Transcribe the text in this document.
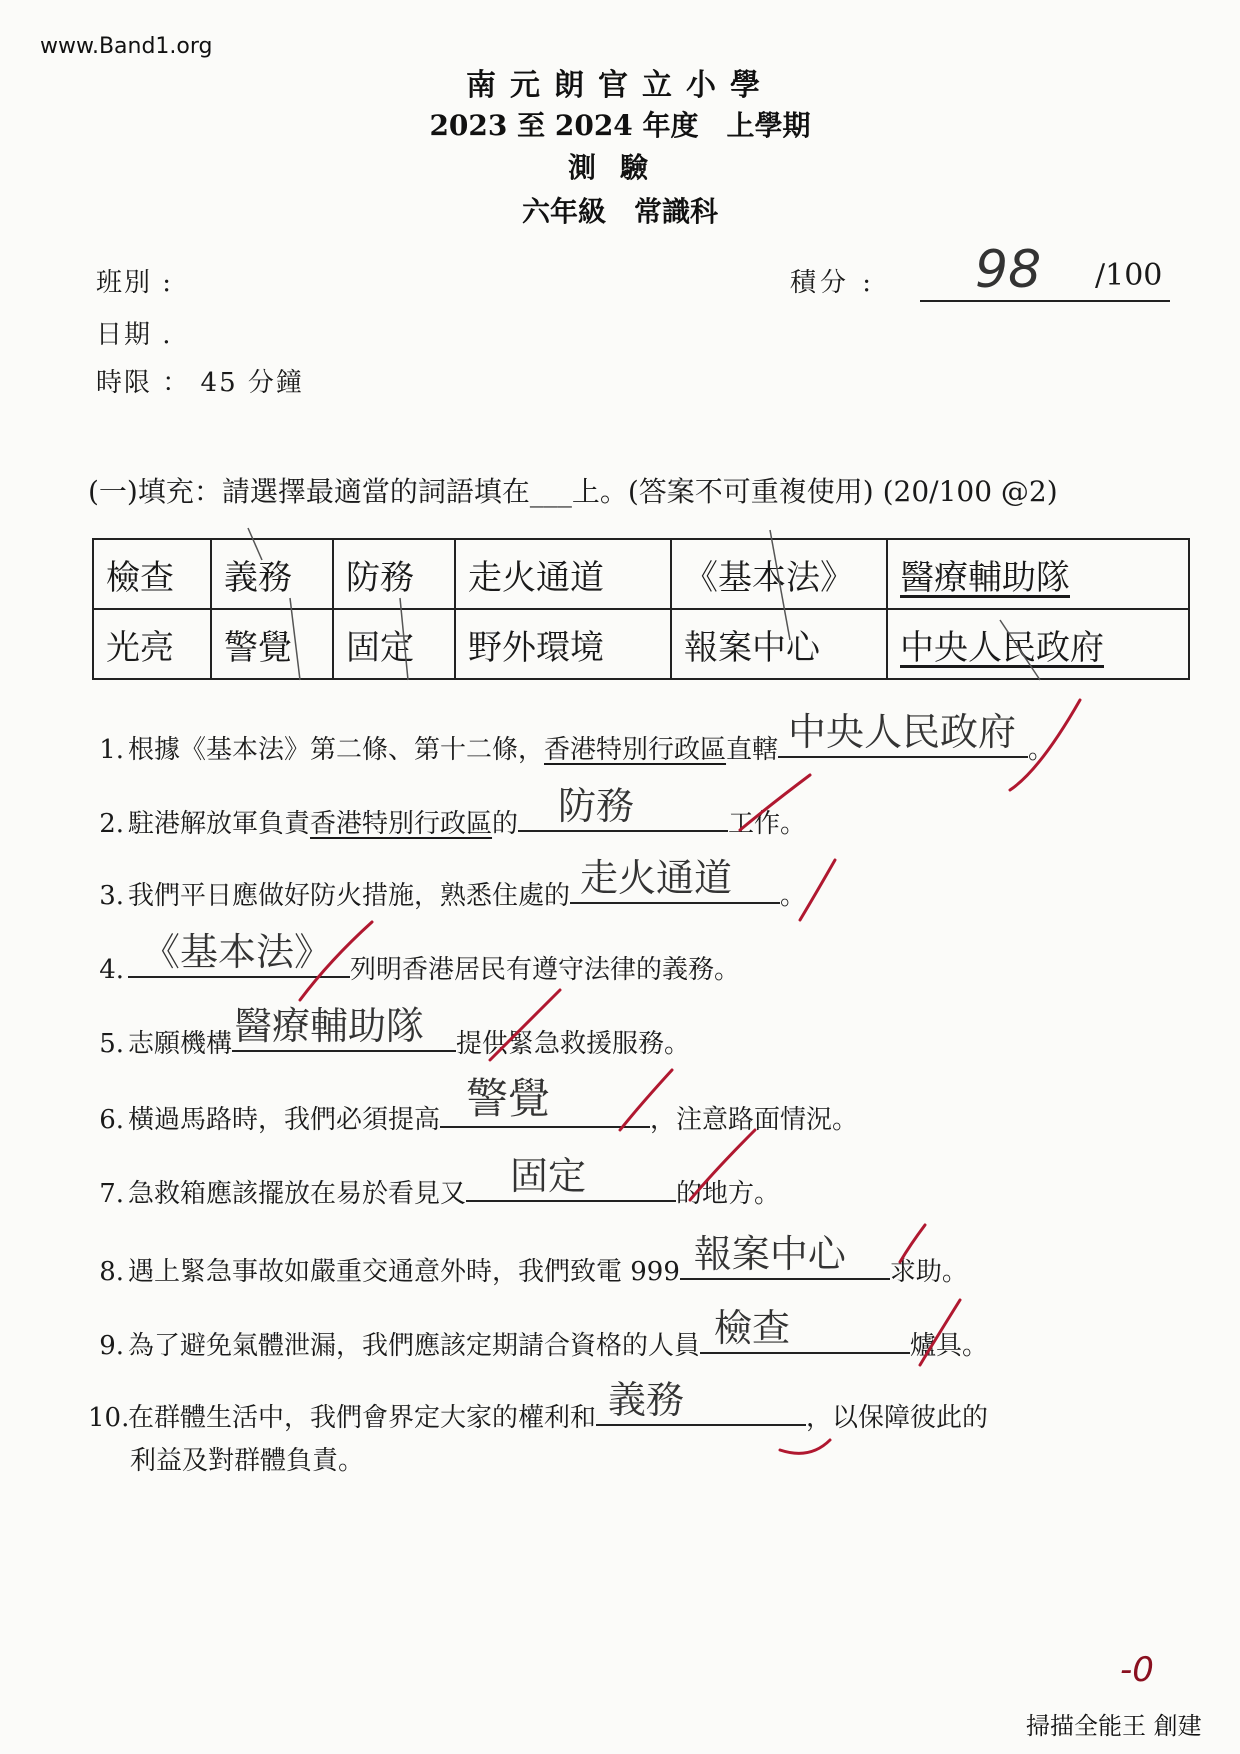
www.Band1.org
南元朗官立小學
2023 至 2024 年度　上學期
測驗
六年級　常識科
班別 :
日期 .
時限 ： 45 分鐘
積分 : 98 /100
(一)填充：請選擇最適當的詞語填在___上。(答案不可重複使用) (20/100 @2)
檢查	義務	防務	走火通道	《基本法》	醫療輔助隊
光亮	警覺	固定	野外環境	報案中心	中央人民政府
1. 根據《基本法》第二條、第十二條，香港特別行政區直轄 中央人民政府 。
2. 駐港解放軍負責香港特別行政區的 防務	工作。
3. 我們平日應做好防火措施，熟悉住處的 走火通道 。
4. 《基本法》 列明香港居民有遵守法律的義務。
5. 志願機構 醫療輔助隊 提供緊急救援服務。
6. 橫過馬路時，我們必須提高 警覺	，注意路面情況。
7. 急救箱應該擺放在易於看見又 固定	的地方。
8. 遇上緊急事故如嚴重交通意外時，我們致電 999 報案中心 求助。
9. 為了避免氣體泄漏，我們應該定期請合資格的人員 檢查	爐具。
10.在群體生活中，我們會界定大家的權利和 義務	，以保障彼此的
利益及對群體負責。
-0
掃描全能王 創建
